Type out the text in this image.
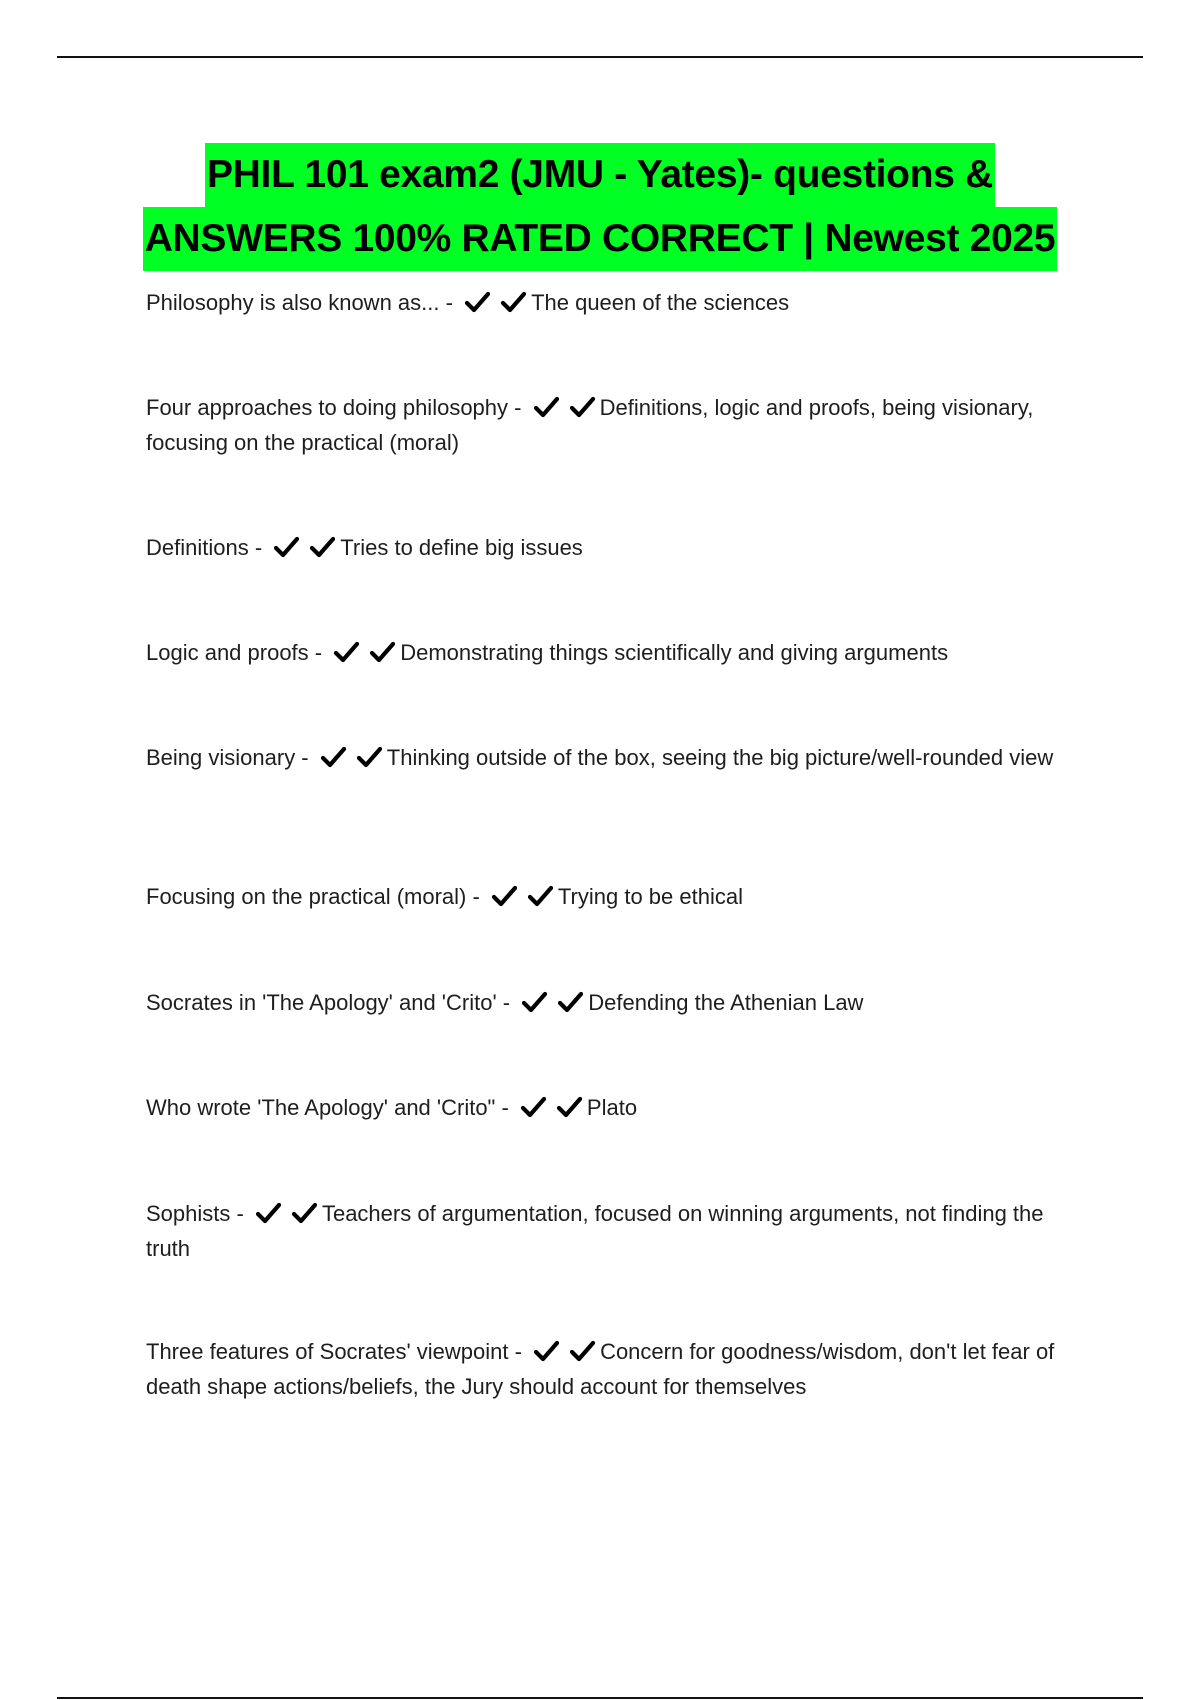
PHIL 101 exam2 (JMU - Yates)- questions &
ANSWERS 100% RATED CORRECT | Newest 2025
Philosophy is also known as... -	The queen of the sciences
Four approaches to doing philosophy -	Definitions, logic and proofs, being visionary, focusing on the practical (moral)
Definitions -	Tries to define big issues
Logic and proofs -	Demonstrating things scientifically and giving arguments
Being visionary -	Thinking outside of the box, seeing the big picture/well-rounded view
Focusing on the practical (moral) -	Trying to be ethical
Socrates in 'The Apology' and 'Crito' -	Defending the Athenian Law
Who wrote 'The Apology' and 'Crito" -	Plato
Sophists -	Teachers of argumentation, focused on winning arguments, not finding the truth
Three features of Socrates' viewpoint -	Concern for goodness/wisdom, don't let fear of death shape actions/beliefs, the Jury should account for themselves
